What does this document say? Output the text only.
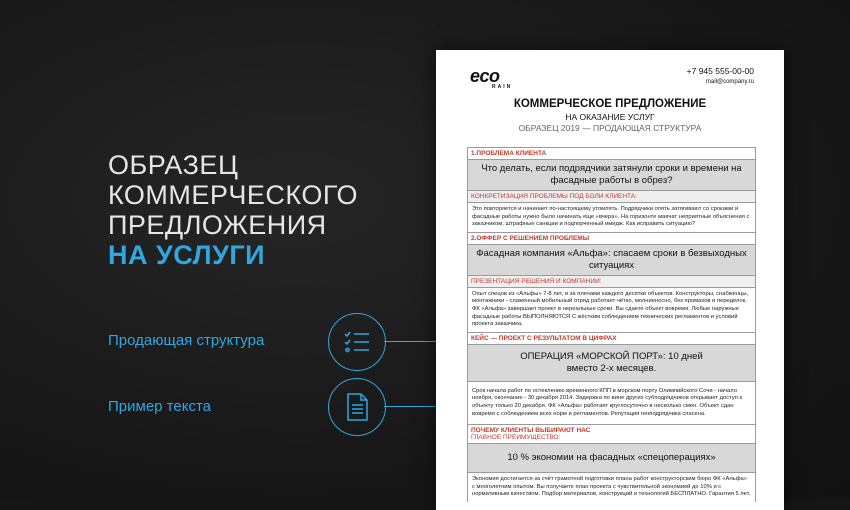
ОБРАЗЕЦ
КОММЕРЧЕСКОГО
ПРЕДЛОЖЕНИЯ
НА УСЛУГИ
Продающая структура
Пример текста
eco
RAIN
+7 945 555-00-00
mail@company.ru
КОММЕРЧЕСКОЕ ПРЕДЛОЖЕНИЕ
НА ОКАЗАНИЕ УСЛУГ
ОБРАЗЕЦ 2019 — ПРОДАЮЩАЯ СТРУКТУРА
1.ПРОБЛЕМА КЛИЕНТА
Что делать, если подрядчики затянули сроки и времени на фасадные работы в обрез?
КОНКРЕТИЗАЦИЯ ПРОБЛЕМЫ ПОД БОЛИ КЛИЕНТА:
Это повторяется и начинает по-настоящему утомлять. Подрядчики опять затягивают со сроками и фасадные работы нужно было начинать еще «вчера». На горизонте маячат неприятные объяснения с заказчиком, штрафные санкции и подпорченный имидж. Как исправить ситуацию?
2.ОФФЕР С РЕШЕНИЕМ ПРОБЛЕМЫ
Фасадная компания «Альфа»: спасаем сроки в безвыходных ситуациях
ПРЕЗЕНТАЦИЯ РЕШЕНИЯ И КОМПАНИИ:
Опыт спецов из «Альфы» 7-8 лет, и за плечами каждого десятки объектов. Конструкторы, снабженцы, монтажники - слаженный мобильный отряд работает чётко, молниеносно, без промахов и переделок. ФК «Альфа» завершает проект в нереальные сроки. Вы сдаете объект вовремя. Любые наружные фасадные работы ВЫПОЛНЯЮТСЯ С жёстким соблюдением технических регламентов и условий проекта заказчика.
КЕЙС — ПРОЕКТ С РЕЗУЛЬТАТОМ В ЦИФРАХ
ОПЕРАЦИЯ «МОРСКОЙ ПОРТ»: 10 дней вместо 2-х месяцев.
Срок начала работ по остеклению временного КПП в морском порту Олимпийского Сочи - начало ноября, окончание - 30 декабря 2014. Задержка по вине других субподрядчиков открывает доступ к объекту только 20 декабря. ФК «Альфа» работает круглосуточно в несколько смен. Объект сдан вовремя с соблюдением всех норм и регламентов. Репутация генподрядчика спасена.
ПОЧЕМУ КЛИЕНТЫ ВЫБИРАЮТ НАС
ГЛАВНОЕ ПРЕИМУЩЕСТВО:
10 % экономии на фасадных «спецоперациях»
Экономия достигается за счёт грамотной подготовки плана работ конструкторским бюро ФК «Альфа» с многолетним опытом. Вы получаете план проекта с чувствительной экономией до 10% и с нормативным качеством. Подбор материалов, конструкций и технологий БЕСПЛАТНО. Гарантия 5 лет.
